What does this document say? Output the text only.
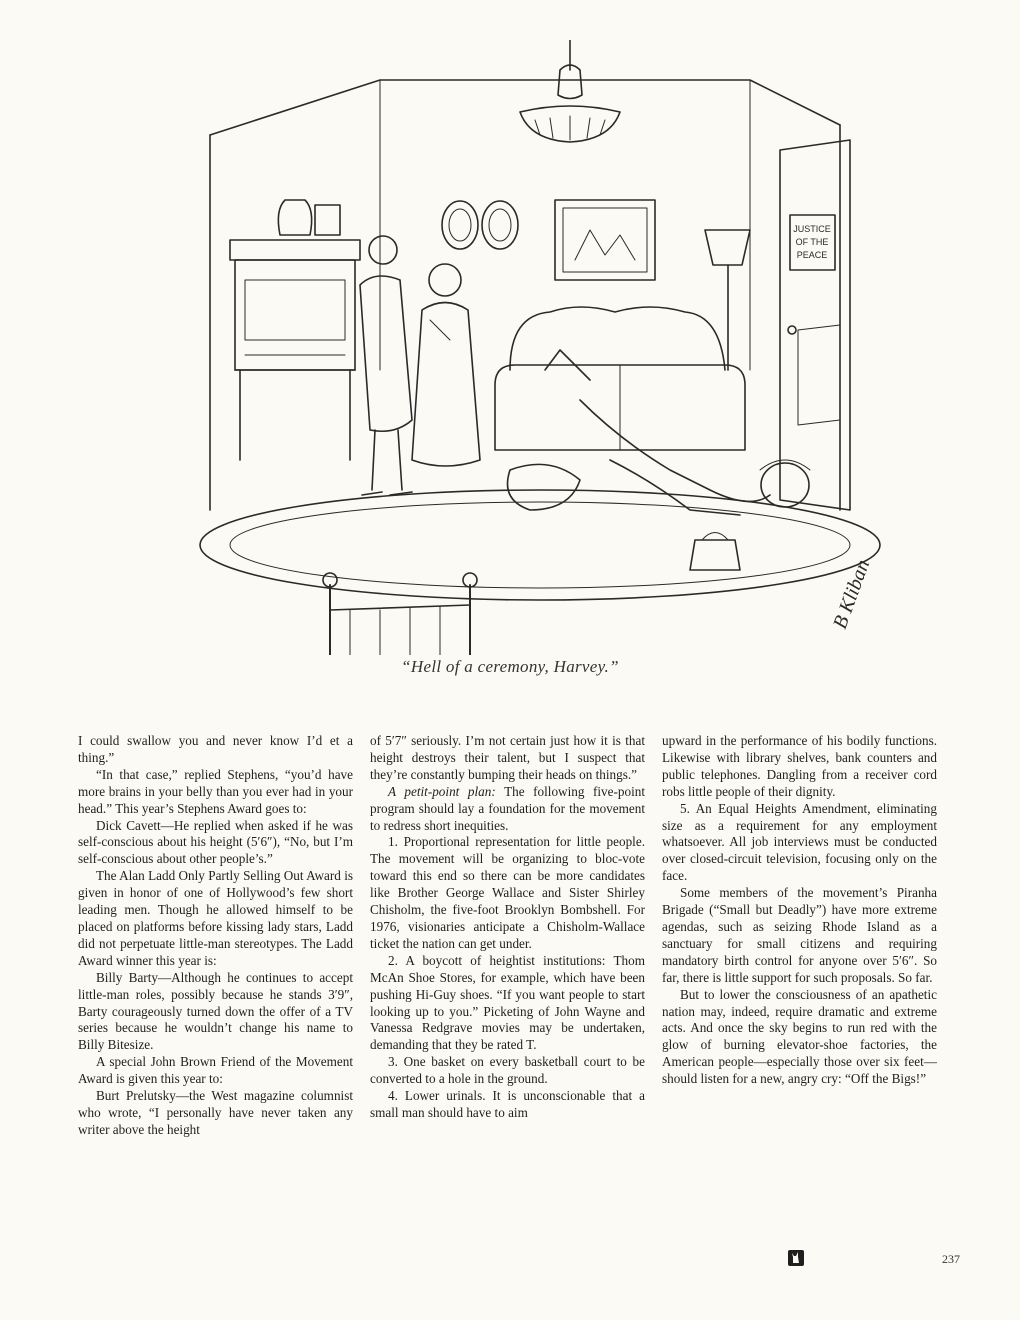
JUSTICE
OF THE
PEACE
B Kliban
“Hell of a ceremony, Harvey.”

I could swallow you and never know I’d et a thing.”

“In that case,” replied Stephens, “you’d have more brains in your belly than you ever had in your head.” This year’s Stephens Award goes to:

Dick Cavett—He replied when asked if he was self-conscious about his height (5′6″), “No, but I’m self-conscious about other people’s.”

The Alan Ladd Only Partly Selling Out Award is given in honor of one of Hollywood’s few short leading men. Though he allowed himself to be placed on platforms before kissing lady stars, Ladd did not perpetuate little-man stereotypes. The Ladd Award winner this year is:

Billy Barty—Although he continues to accept little-man roles, possibly because he stands 3′9″, Barty courageously turned down the offer of a TV series because he wouldn’t change his name to Billy Bitesize.

A special John Brown Friend of the Movement Award is given this year to:

Burt Prelutsky—the West magazine columnist who wrote, “I personally have never taken any writer above the height

of 5′7″ seriously. I’m not certain just how it is that height destroys their talent, but I suspect that they’re constantly bumping their heads on things.”

A petit-point plan: The following five-point program should lay a foundation for the movement to redress short inequities.

1. Proportional representation for little people. The movement will be organizing to bloc-vote toward this end so there can be more candidates like Brother George Wallace and Sister Shirley Chisholm, the five-foot Brooklyn Bombshell. For 1976, visionaries anticipate a Chisholm-Wallace ticket the nation can get under.

2. A boycott of heightist institutions: Thom McAn Shoe Stores, for example, which have been pushing Hi-Guy shoes. “If you want people to start looking up to you.” Picketing of John Wayne and Vanessa Redgrave movies may be undertaken, demanding that they be rated T.

3. One basket on every basketball court to be converted to a hole in the ground.

4. Lower urinals. It is unconscionable that a small man should have to aim

upward in the performance of his bodily functions. Likewise with library shelves, bank counters and public telephones. Dangling from a receiver cord robs little people of their dignity.

5. An Equal Heights Amendment, eliminating size as a requirement for any employment whatsoever. All job interviews must be conducted over closed-circuit television, focusing only on the face.

Some members of the movement’s Piranha Brigade (“Small but Deadly”) have more extreme agendas, such as seizing Rhode Island as a sanctuary for small citizens and requiring mandatory birth control for anyone over 5′6″. So far, there is little support for such proposals. So far.

But to lower the consciousness of an apathetic nation may, indeed, require dramatic and extreme acts. And once the sky begins to run red with the glow of burning elevator-shoe factories, the American people—especially those over six feet—should listen for a new, angry cry: “Off the Bigs!”

237
